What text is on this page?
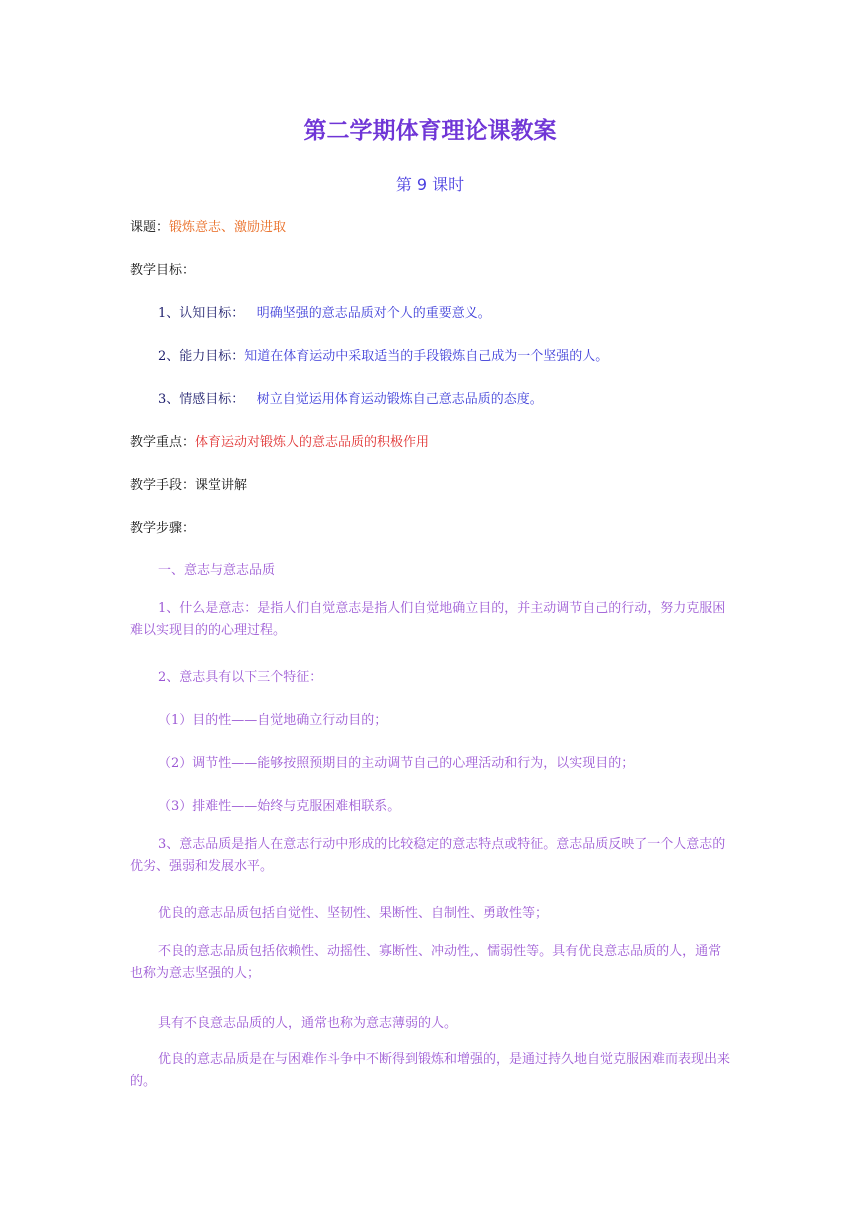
第二学期体育理论课教案
第 9 课时
课题：锻炼意志、激励进取
教学目标：
1、认知目标： 明确坚强的意志品质对个人的重要意义。
2、能力目标：知道在体育运动中采取适当的手段锻炼自己成为一个坚强的人。
3、情感目标： 树立自觉运用体育运动锻炼自己意志品质的态度。
教学重点：体育运动对锻炼人的意志品质的积极作用
教学手段：课堂讲解
教学步骤：
一、意志与意志品质

1、什么是意志：是指人们自觉意志是指人们自觉地确立目的，并主动调节自己的行动，努力克服困难以实现目的的心理过程。

2、意志具有以下三个特征：
（1）目的性——自觉地确立行动目的；
（2）调节性——能够按照预期目的主动调节自己的心理活动和行为，以实现目的；
（3）排难性——始终与克服困难相联系。

3、意志品质是指人在意志行动中形成的比较稳定的意志特点或特征。意志品质反映了一个人意志的优劣、强弱和发展水平。

优良的意志品质包括自觉性、坚韧性、果断性、自制性、勇敢性等；

不良的意志品质包括依赖性、动摇性、寡断性、冲动性,、懦弱性等。具有优良意志品质的人，通常也称为意志坚强的人；

具有不良意志品质的人，通常也称为意志薄弱的人。

优良的意志品质是在与困难作斗争中不断得到锻炼和增强的，是通过持久地自觉克服困难而表现出来的。
